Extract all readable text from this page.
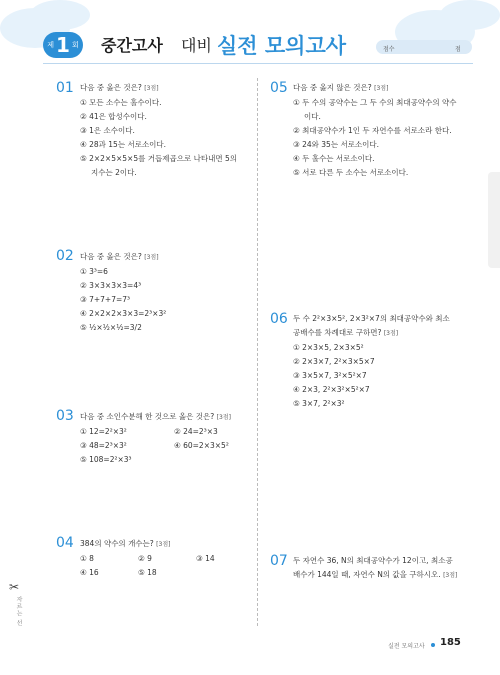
제 1 회 중간고사 대비 실전 모의고사	점수	점
01 다음 중 옳은 것은? [3점]
① 모든 소수는 홀수이다.
② 41은 합성수이다.
③ 1은 소수이다.
④ 28과 15는 서로소이다.
⑤ 2×2×5×5×5를 거듭제곱으로 나타내면 5의
지수는 2이다.
02 다음 중 옳은 것은? [3점]
① 3³=6
② 3×3×3×3=4³
③ 7+7+7=7³
④ 2×2×2×3×3=2³×3²
⑤ ½×½×½=3/2
03 다음 중 소인수분해 한 것으로 옳은 것은? [3점]
① 12=2²×3²	② 24=2³×3
③ 48=2³×3²	④ 60=2×3×5²
⑤ 108=2²×3³
04 384의 약수의 개수는? [3점]
① 8	② 9	③ 14
④ 16	⑤ 18
05 다음 중 옳지 않은 것은? [3점]
① 두 수의 공약수는 그 두 수의 최대공약수의 약수
이다.
② 최대공약수가 1인 두 자연수를 서로소라 한다.
③ 24와 35는 서로소이다.
④ 두 홀수는 서로소이다.
⑤ 서로 다른 두 소수는 서로소이다.
06 두 수 2²×3×5², 2×3²×7의 최대공약수와 최소
공배수를 차례대로 구하면? [3점]
① 2×3×5, 2×3×5²
② 2×3×7, 2²×3×5×7
③ 3×5×7, 3²×5²×7
④ 2×3, 2²×3²×5²×7
⑤ 3×7, 2²×3²
07 두 자연수 36, N의 최대공약수가 12이고, 최소공
배수가 144일 때, 자연수 N의 값을 구하시오. [3점]
✂
자르는 선
실전 모의고사 185
